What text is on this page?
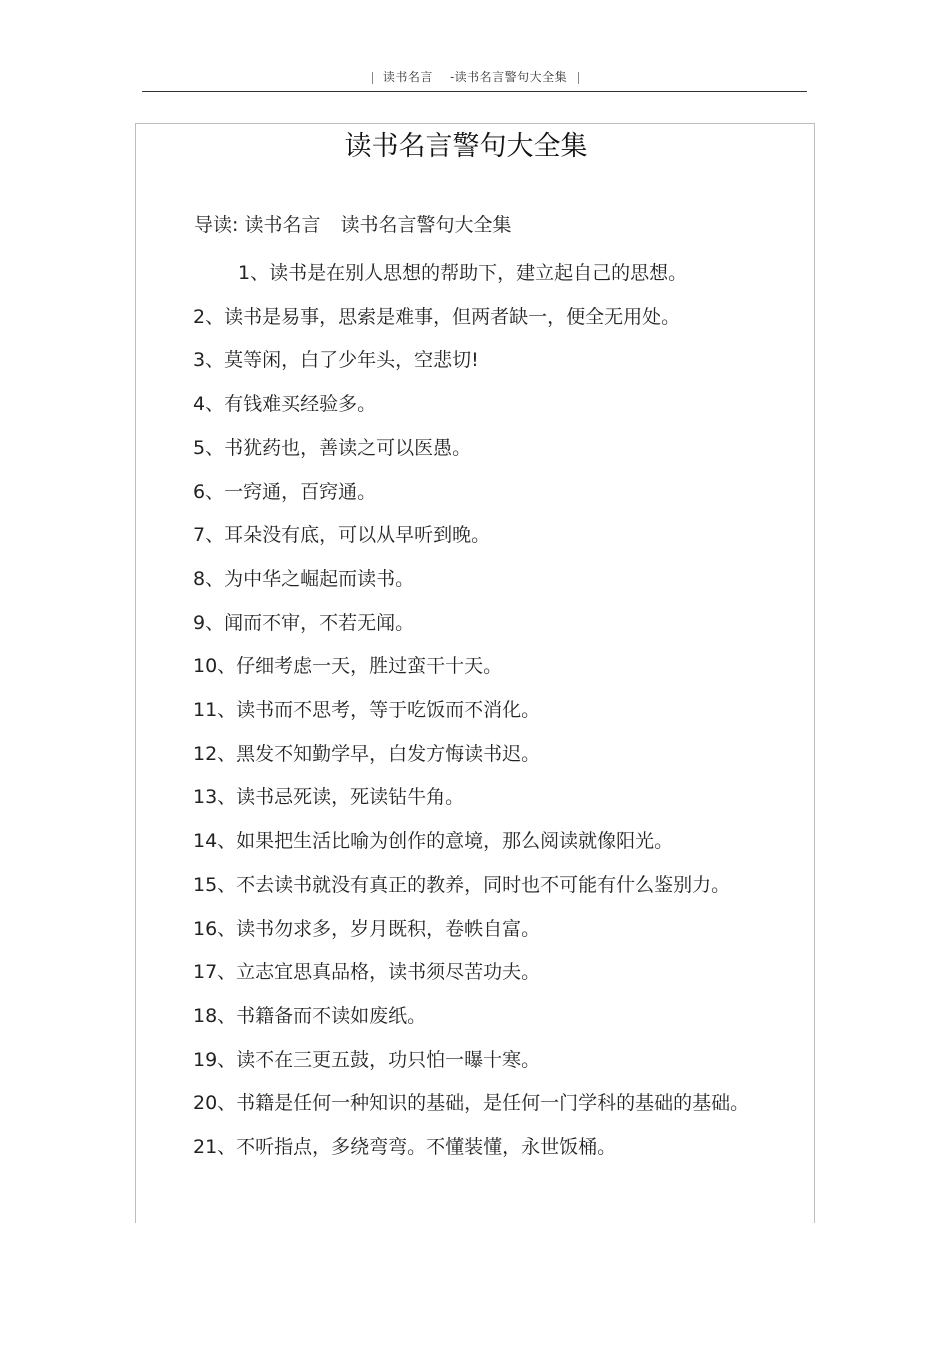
读书名言 -读书名言警句大全集
读书名言警句大全集
导读: 读书名言 读书名言警句大全集
1、读书是在别人思想的帮助下，建立起自己的思想。
2、读书是易事，思索是难事，但两者缺一，便全无用处。
3、莫等闲，白了少年头，空悲切!
4、有钱难买经验多。
5、书犹药也，善读之可以医愚。
6、一窍通，百窍通。
7、耳朵没有底，可以从早听到晚。
8、为中华之崛起而读书。
9、闻而不审，不若无闻。
10、仔细考虑一天，胜过蛮干十天。
11、读书而不思考，等于吃饭而不消化。
12、黑发不知勤学早，白发方悔读书迟。
13、读书忌死读，死读钻牛角。
14、如果把生活比喻为创作的意境，那么阅读就像阳光。
15、不去读书就没有真正的教养，同时也不可能有什么鉴别力。
16、读书勿求多，岁月既积，卷帙自富。
17、立志宜思真品格，读书须尽苦功夫。
18、书籍备而不读如废纸。
19、读不在三更五鼓，功只怕一曝十寒。
20、书籍是任何一种知识的基础，是任何一门学科的基础的基础。
21、不听指点，多绕弯弯。不懂装懂，永世饭桶。
